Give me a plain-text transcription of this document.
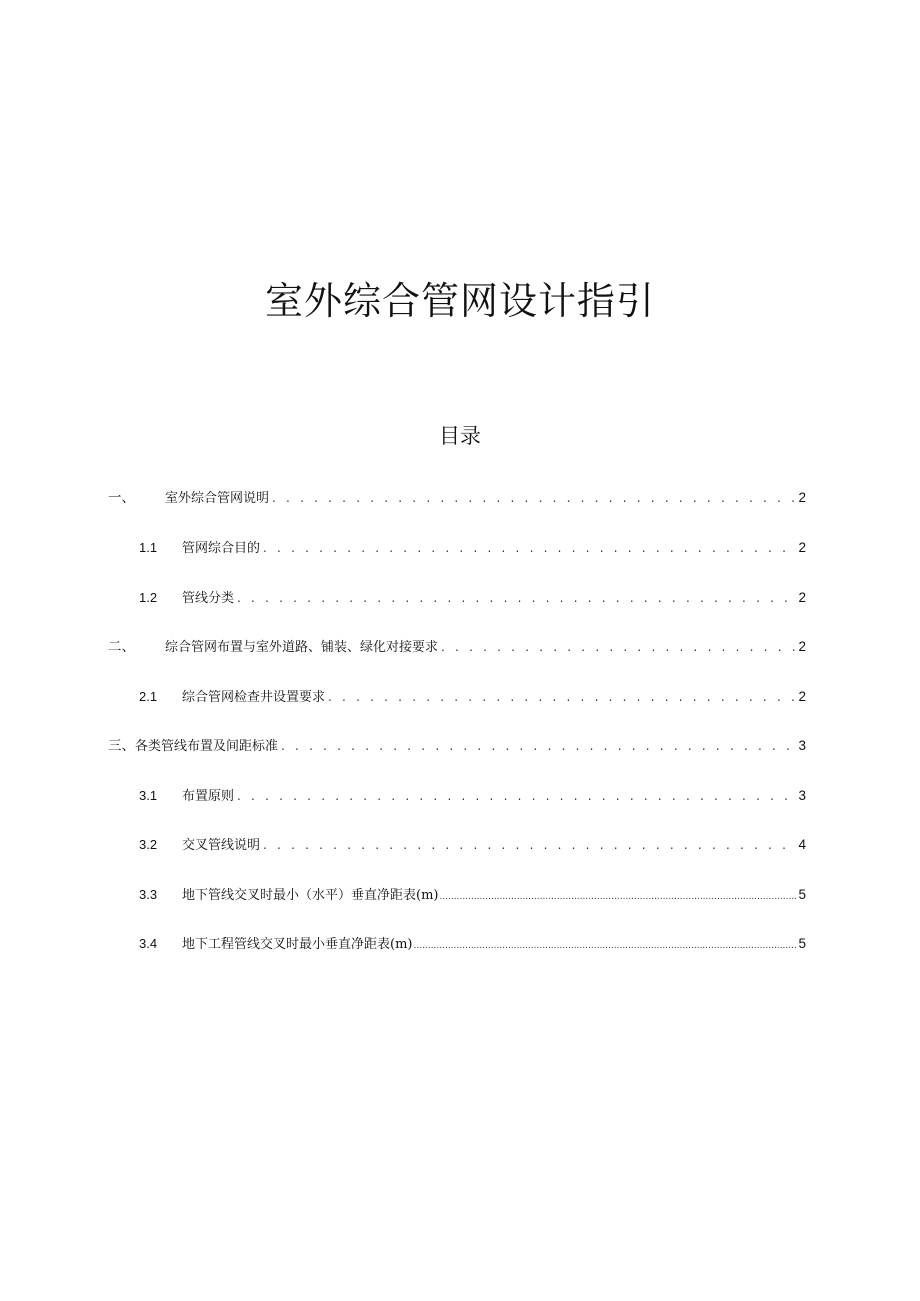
室外综合管网设计指引
目录
一、	室外综合管网说明 . . .	2
1.1	管网综合目的 . . .	2
1.2	管线分类 . . .	2
二、	综合管网布置与室外道路、铺装、绿化对接要求 . . .	2
2.1	综合管网检查井设置要求 . . .	2
三、 各类管线布置及间距标准 . . .	3
3.1	布置原则 . . .	3
3.2	交叉管线说明 . . .	4
3.3	地下管线交叉时最小（水平）垂直净距表(m) .....	5
3.4	地下工程管线交叉时最小垂直净距表(m) .....	5
